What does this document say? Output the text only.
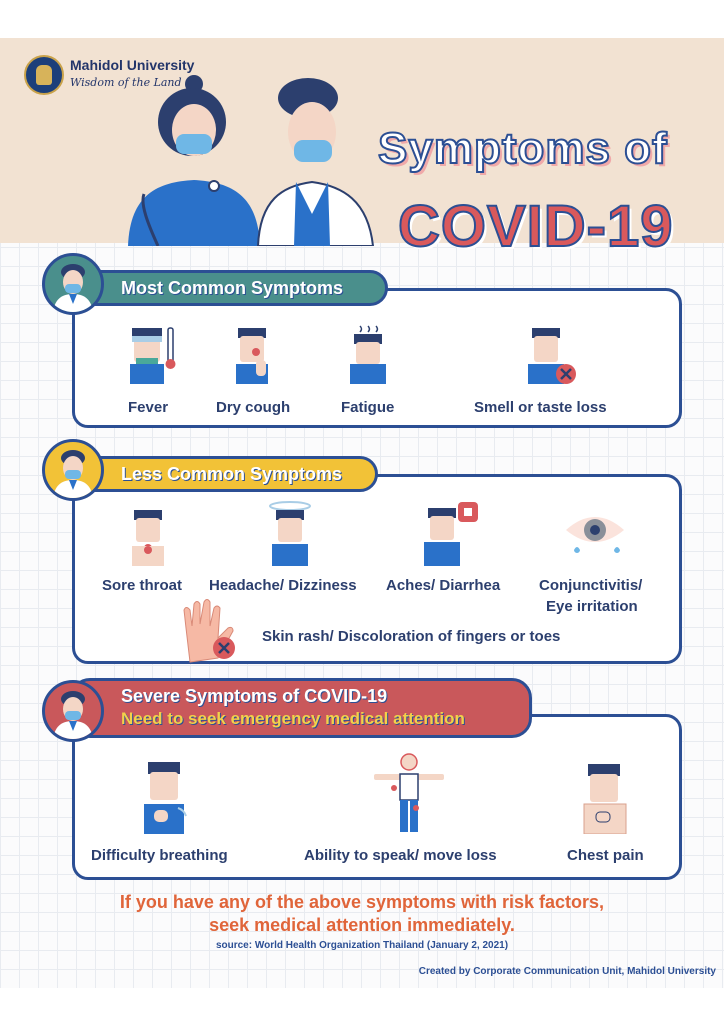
Mahidol University
Wisdom of the Land
Symptoms of
COVID-19
Most Common Symptoms
Fever	Dry cough	Fatigue	Smell or taste loss
Less Common Symptoms
Sore throat Headache/ Dizziness Aches/ Diarrhea	Conjunctivitis/
Eye irritation
Skin rash/ Discoloration of fingers or toes
Severe Symptoms of COVID-19
Need to seek emergency medical attention
Difficulty breathing	Ability to speak/ move loss	Chest pain
If you have any of the above symptoms with risk factors,
seek medical attention immediately.
source: World Health Organization Thailand (January 2, 2021)
Created by Corporate Communication Unit, Mahidol University
